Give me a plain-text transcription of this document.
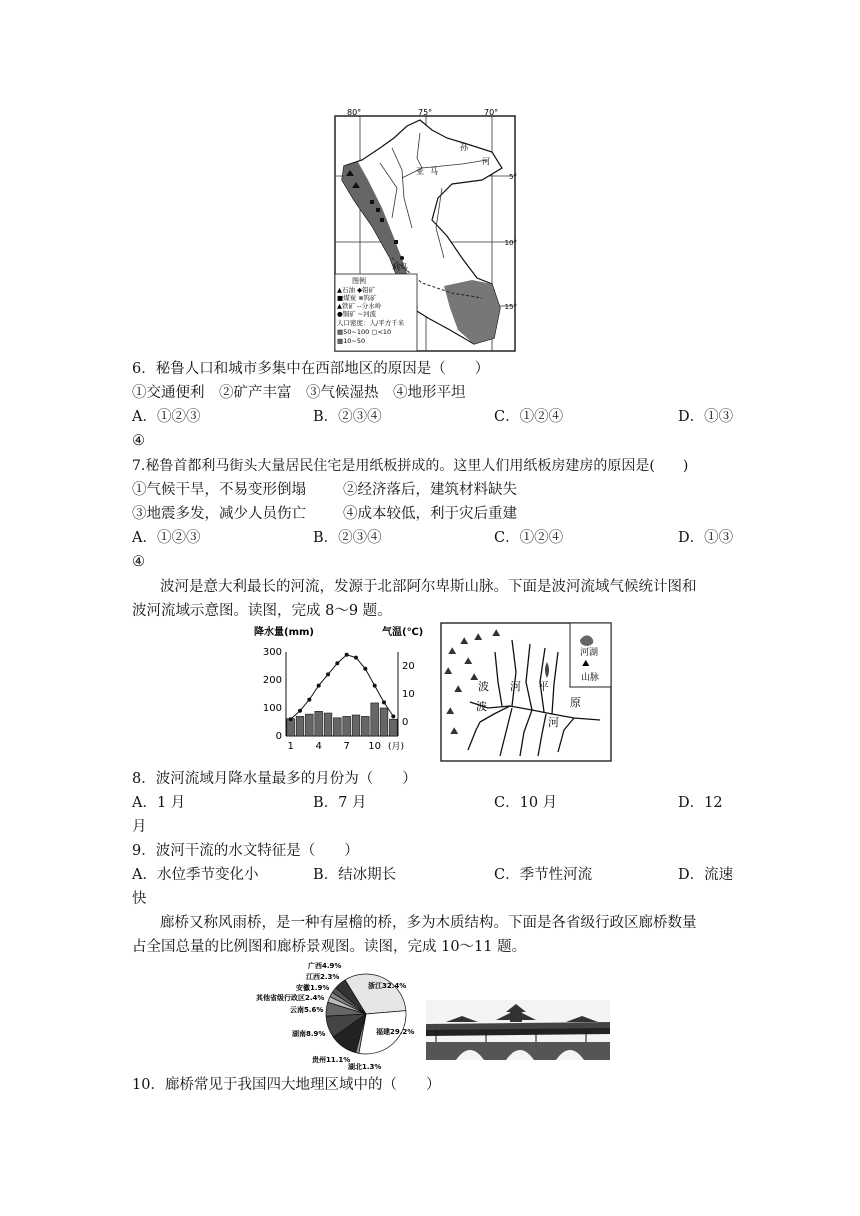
80°	75°	70°
5°
10°
15°
亚 马
孙
河
利马
图例
▲石油 ◆铅矿
■煤炭 ⊗钨矿
▲铁矿 --分水岭
●铜矿 ~河流
人口密度：人/平方千米
▦50~100 ▢<10
▩10~50
6．秘鲁人口和城市多集中在西部地区的原因是（　　）
①交通便利　②矿产丰富　③气候湿热　④地形平坦
A．①②③	B．②③④	C．①②④	D．①③
④
7.秘鲁首都利马街头大量居民住宅是用纸板拼成的。这里人们用纸板房建房的原因是(　　)
①气候干旱，不易变形倒塌	②经济落后，建筑材料缺失
③地震多发，减少人员伤亡	④成本较低，利于灾后重建
A．①②③	B．②③④	C．①②④	D．①③
④
波河是意大利最长的河流，发源于北部阿尔卑斯山脉。下面是波河流域气候统计图和
波河流域示意图。读图，完成 8～9 题。
降水量(mm)	气温(℃)
300
200
100
0
20
10
0
1 4 7 10 (月)
河湖
⛰
山脉
⛰
⛰ ⛰ ⛰
⛰
⛰
⛰
⛰
⛰
⛰
波 河 平
原
波
河
8．波河流域月降水量最多的月份为（　　）
A．1 月	B．7 月	C．10 月	D．12
月
9．波河干流的水文特征是（　　）
A．水位季节变化小	B．结冰期长	C．季节性河流	D．流速
快
廊桥又称风雨桥，是一种有屋檐的桥，多为木质结构。下面是各省级行政区廊桥数量
占全国总量的比例图和廊桥景观图。读图，完成 10～11 题。
广西4.9%
江西2.3%
安徽1.9%
其他省级行政区2.4%
云南5.6%
湖南8.9%
贵州11.1%
湖北1.3%
浙江32.4%
福建29.2%
10．廊桥常见于我国四大地理区域中的（　　）
